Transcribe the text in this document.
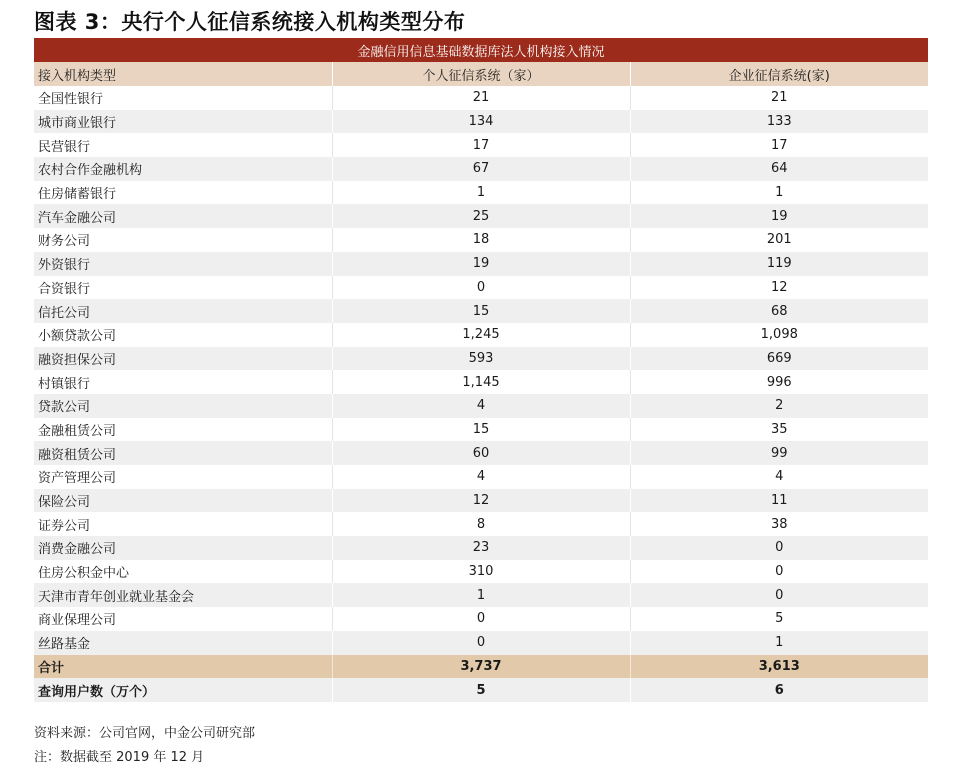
图表 3：央行个人征信系统接入机构类型分布
金融信用信息基础数据库法人机构接入情况		
接入机构类型	个人征信系统（家）	企业征信系统(家)
全国性银行	21	21
城市商业银行	134	133
民营银行	17	17
农村合作金融机构	67	64
住房储蓄银行	1	1
汽车金融公司	25	19
财务公司	18	201
外资银行	19	119
合资银行	0	12
信托公司	15	68
小额贷款公司	1,245	1,098
融资担保公司	593	669
村镇银行	1,145	996
贷款公司	4	2
金融租赁公司	15	35
融资租赁公司	60	99
资产管理公司	4	4
保险公司	12	11
证券公司	8	38
消费金融公司	23	0
住房公积金中心	310	0
天津市青年创业就业基金会	1	0
商业保理公司	0	5
丝路基金	0	1
合计	3,737	3,613
查询用户数（万个）	5	6
资料来源：公司官网，中金公司研究部
注：数据截至 2019 年 12 月
